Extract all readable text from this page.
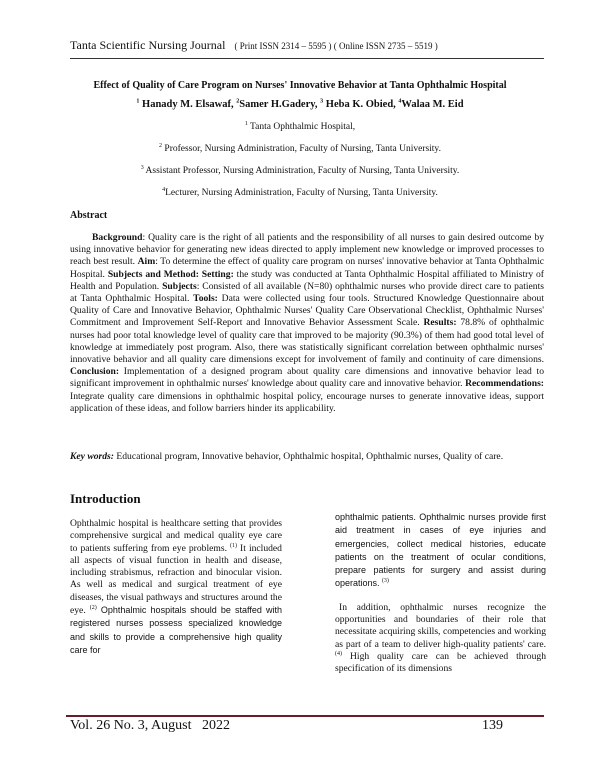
Tanta Scientific Nursing Journal ( Print ISSN 2314 – 5595 ) ( Online ISSN 2735 – 5519 )
Effect of Quality of Care Program on Nurses' Innovative Behavior at Tanta Ophthalmic Hospital
$^1$ Hanady M. Elsawaf, $^2$Samer H.Gadery, $^3$ Heba K. Obied, $^4$Walaa M. Eid
$^1$ Tanta Ophthalmic Hospital,
$^2$ Professor, Nursing Administration, Faculty of Nursing, Tanta University.
$^3$ Assistant Professor, Nursing Administration, Faculty of Nursing, Tanta University.
$^4$Lecturer, Nursing Administration, Faculty of Nursing, Tanta University.
Abstract
Background: Quality care is the right of all patients and the responsibility of all nurses to gain desired outcome by using innovative behavior for generating new ideas directed to apply implement new knowledge or improved processes to reach best result. Aim: To determine the effect of quality care program on nurses' innovative behavior at Tanta Ophthalmic Hospital. Subjects and Method: Setting: the study was conducted at Tanta Ophthalmic Hospital affiliated to Ministry of Health and Population. Subjects: Consisted of all available (N=80) ophthalmic nurses who provide direct care to patients at Tanta Ophthalmic Hospital. Tools: Data were collected using four tools. Structured Knowledge Questionnaire about Quality of Care and Innovative Behavior, Ophthalmic Nurses' Quality Care Observational Checklist, Ophthalmic Nurses' Commitment and Improvement Self-Report and Innovative Behavior Assessment Scale. Results: 78.8% of ophthalmic nurses had poor total knowledge level of quality care that improved to be majority (90.3%) of them had good total level of knowledge at immediately post program. Also, there was statistically significant correlation between ophthalmic nurses' innovative behavior and all quality care dimensions except for involvement of family and continuity of care dimensions. Conclusion: Implementation of a designed program about quality care dimensions and innovative behavior lead to significant improvement in ophthalmic nurses' knowledge about quality care and innovative behavior. Recommendations: Integrate quality care dimensions in ophthalmic hospital policy, encourage nurses to generate innovative ideas, support application of these ideas, and follow barriers hinder its applicability.
Key words: Educational program, Innovative behavior, Ophthalmic hospital, Ophthalmic nurses, Quality of care.
Introduction

Ophthalmic hospital is healthcare setting that provides comprehensive surgical and medical quality eye care to patients suffering from eye problems. $^{(1)}$ It included all aspects of visual function in health and disease, including strabismus, refraction and binocular vision. As well as medical and surgical treatment of eye diseases, the visual pathways and structures around the eye. $^{(2)}$ Ophthalmic hospitals should be staffed with registered nurses possess specialized knowledge and skills to provide a comprehensive high quality care for

ophthalmic patients. Ophthalmic nurses provide first aid treatment in cases of eye injuries and emergencies, collect medical histories, educate patients on the treatment of ocular conditions, prepare patients for surgery and assist during operations. $^{(3)}$

In addition, ophthalmic nurses recognize the opportunities and boundaries of their role that necessitate acquiring skills, competencies and working as part of a team to deliver high-quality patients' care. $^{(4)}$ High quality care can be achieved through specification of its dimensions

Vol. 26 No. 3, August   2022	139
